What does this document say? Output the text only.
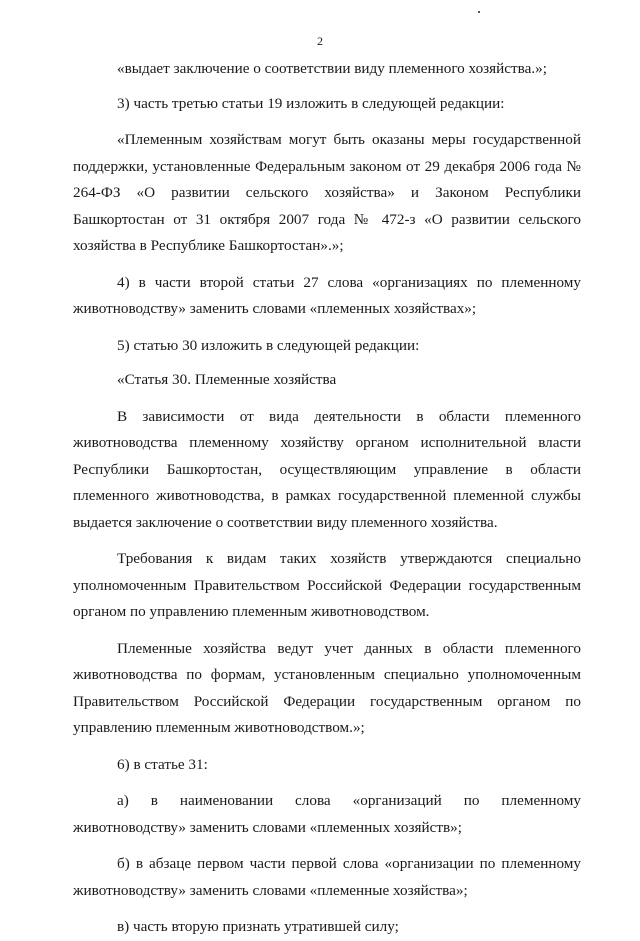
2

«выдает заключение о соответствии виду племенного хозяйства.»;

3) часть третью статьи 19 изложить в следующей редакции:

«Племенным хозяйствам могут быть оказаны меры государственной поддержки, установленные Федеральным законом от 29 декабря 2006 года № 264-ФЗ «О развитии сельского хозяйства» и Законом Республики Башкортостан от 31 октября 2007 года № 472-з «О развитии сельского хозяйства в Республике Башкортостан».»;

4) в части второй статьи 27 слова «организациях по племенному животноводству» заменить словами «племенных хозяйствах»;

5) статью 30 изложить в следующей редакции:

«Статья 30. Племенные хозяйства

В зависимости от вида деятельности в области племенного животноводства племенному хозяйству органом исполнительной власти Республики Башкортостан, осуществляющим управление в области племенного животноводства, в рамках государственной племенной службы выдается заключение о соответствии виду племенного хозяйства.

Требования к видам таких хозяйств утверждаются специально уполномоченным Правительством Российской Федерации государственным органом по управлению племенным животноводством.

Племенные хозяйства ведут учет данных в области племенного животноводства по формам, установленным специально уполномоченным Правительством Российской Федерации государственным органом по управлению племенным животноводством.»;

6) в статье 31:

а) в наименовании слова «организаций по племенному животноводству» заменить словами «племенных хозяйств»;

б) в абзаце первом части первой слова «организации по племенному животноводству» заменить словами «племенные хозяйства»;

в) часть вторую признать утратившей силу;
